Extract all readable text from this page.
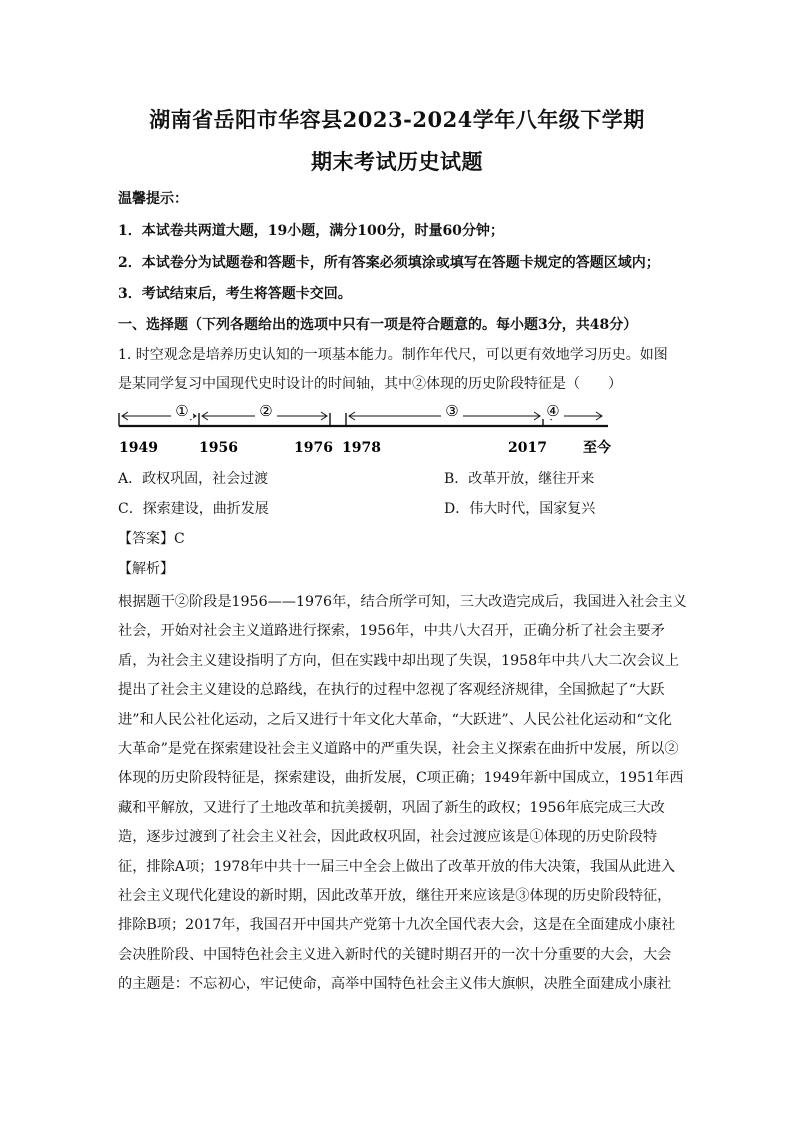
湖南省岳阳市华容县2023-2024学年八年级下学期
期末考试历史试题
温馨提示：
1．本试卷共两道大题，19小题，满分100分，时量60分钟；
2．本试卷分为试题卷和答题卡，所有答案必须填涂或填写在答题卡规定的答题区域内；
3．考试结束后，考生将答题卡交回。
一、选择题（下列各题给出的选项中只有一项是符合题意的。每小题3分，共48分）
1. 时空观念是培养历史认知的一项基本能力。制作年代尺，可以更有效地学习历史。如图
是某同学复习中国现代史时设计的时间轴，其中②体现的历史阶段特征是（　　）
①	②	③	④
1949	1956	1976 1978	2017	至今
A．政权巩固，社会过渡	B．改革开放，继往开来
C．探索建设，曲折发展	D．伟大时代，国家复兴
【答案】C
【解析】
根据题干②阶段是1956——1976年，结合所学可知，三大改造完成后，我国进入社会主义
社会，开始对社会主义道路进行探索，1956年，中共八大召开，正确分析了社会主要矛
盾，为社会主义建设指明了方向，但在实践中却出现了失误，1958年中共八大二次会议上
提出了社会主义建设的总路线，在执行的过程中忽视了客观经济规律，全国掀起了“大跃
进”和人民公社化运动，之后又进行十年文化大革命，“大跃进”、人民公社化运动和“文化
大革命”是党在探索建设社会主义道路中的严重失误，社会主义探索在曲折中发展，所以②
体现的历史阶段特征是，探索建设，曲折发展，C项正确；1949年新中国成立，1951年西
藏和平解放，又进行了土地改革和抗美援朝，巩固了新生的政权；1956年底完成三大改
造，逐步过渡到了社会主义社会，因此政权巩固，社会过渡应该是①体现的历史阶段特
征，排除A项；1978年中共十一届三中全会上做出了改革开放的伟大决策，我国从此进入
社会主义现代化建设的新时期，因此改革开放，继往开来应该是③体现的历史阶段特征，
排除B项；2017年，我国召开中国共产党第十九次全国代表大会，这是在全面建成小康社
会决胜阶段、中国特色社会主义进入新时代的关键时期召开的一次十分重要的大会，大会
的主题是：不忘初心，牢记使命，高举中国特色社会主义伟大旗帜，决胜全面建成小康社
